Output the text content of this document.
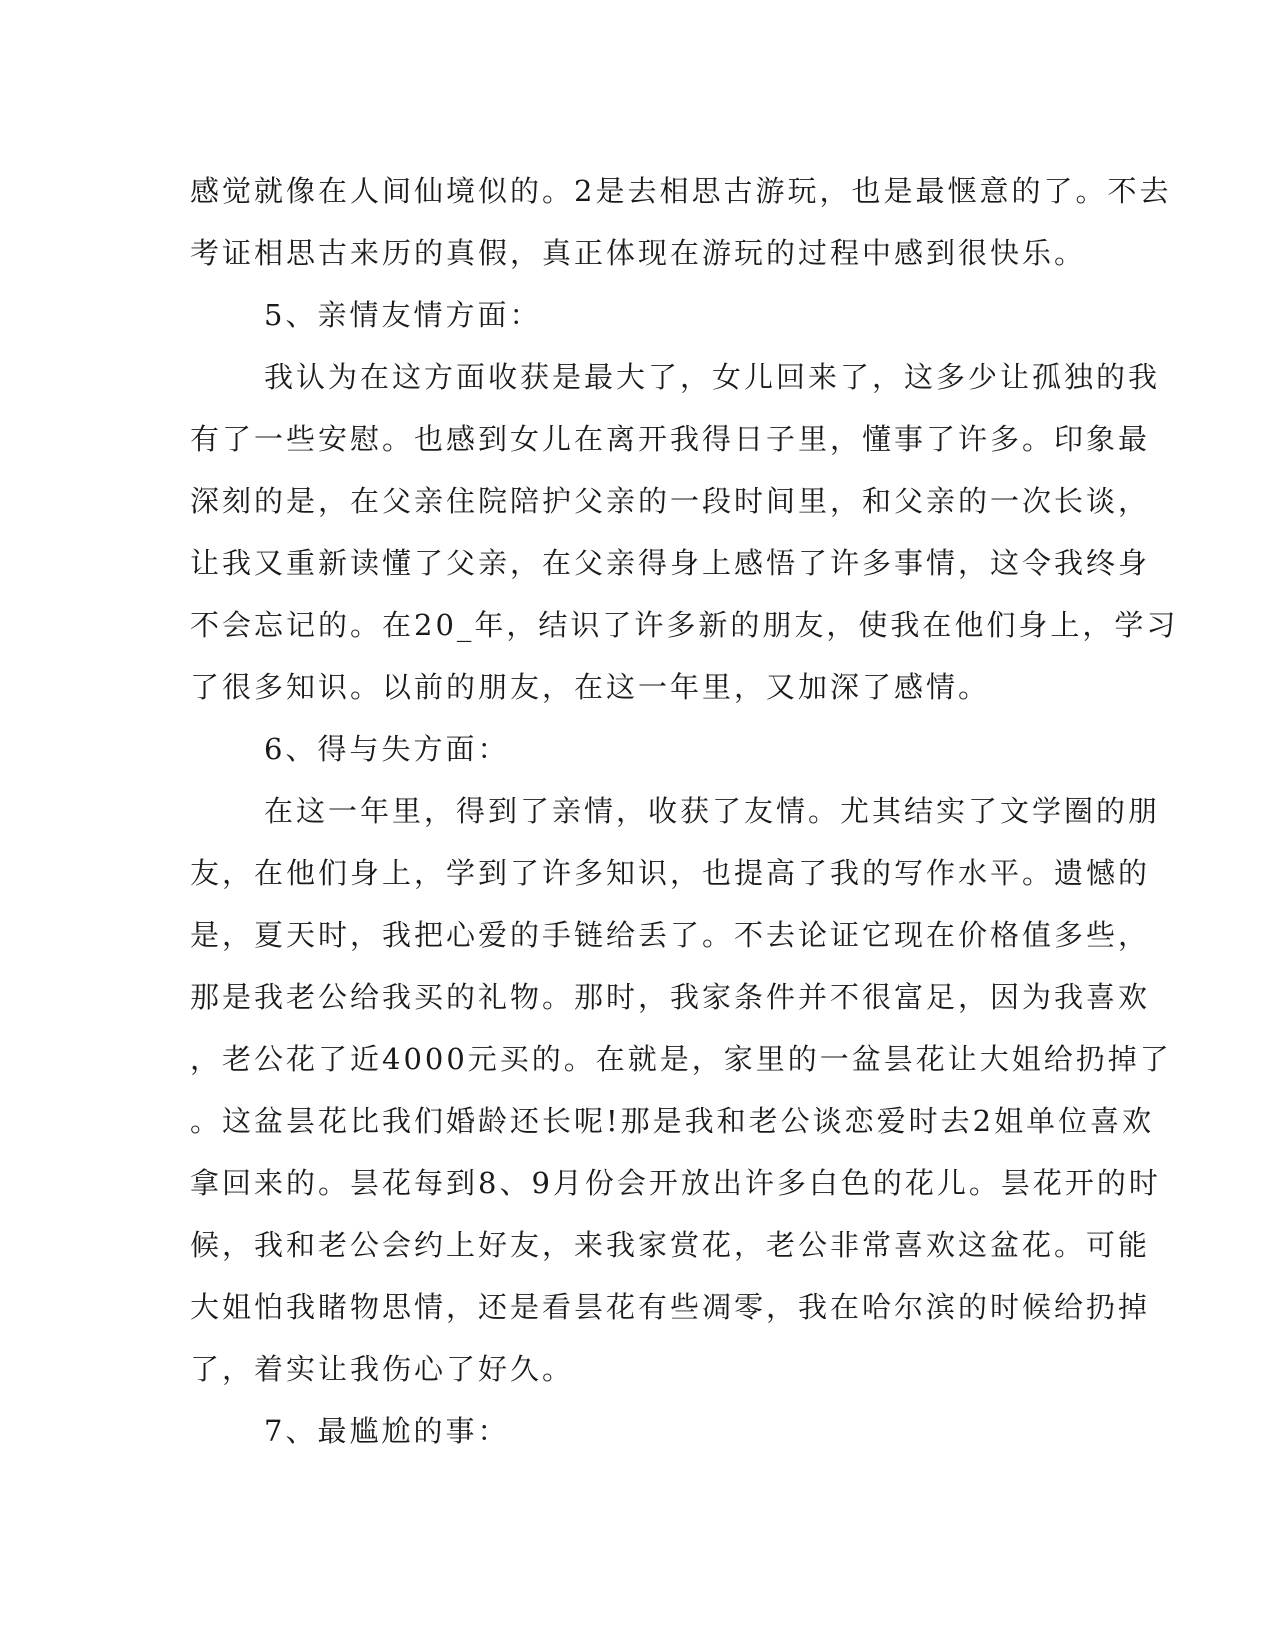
感觉就像在人间仙境似的。2是去相思古游玩，也是最惬意的了。不去
考证相思古来历的真假，真正体现在游玩的过程中感到很快乐。
5、亲情友情方面：
我认为在这方面收获是最大了，女儿回来了，这多少让孤独的我
有了一些安慰。也感到女儿在离开我得日子里，懂事了许多。印象最
深刻的是，在父亲住院陪护父亲的一段时间里，和父亲的一次长谈，
让我又重新读懂了父亲，在父亲得身上感悟了许多事情，这令我终身
不会忘记的。在20_年，结识了许多新的朋友，使我在他们身上，学习
了很多知识。以前的朋友，在这一年里，又加深了感情。
6、得与失方面：
在这一年里，得到了亲情，收获了友情。尤其结实了文学圈的朋
友，在他们身上，学到了许多知识，也提高了我的写作水平。遗憾的
是，夏天时，我把心爱的手链给丢了。不去论证它现在价格值多些，
那是我老公给我买的礼物。那时，我家条件并不很富足，因为我喜欢
，老公花了近4000元买的。在就是，家里的一盆昙花让大姐给扔掉了
。这盆昙花比我们婚龄还长呢!那是我和老公谈恋爱时去2姐单位喜欢
拿回来的。昙花每到8、9月份会开放出许多白色的花儿。昙花开的时
候，我和老公会约上好友，来我家赏花，老公非常喜欢这盆花。可能
大姐怕我睹物思情，还是看昙花有些凋零，我在哈尔滨的时候给扔掉
了，着实让我伤心了好久。
7、最尴尬的事：
